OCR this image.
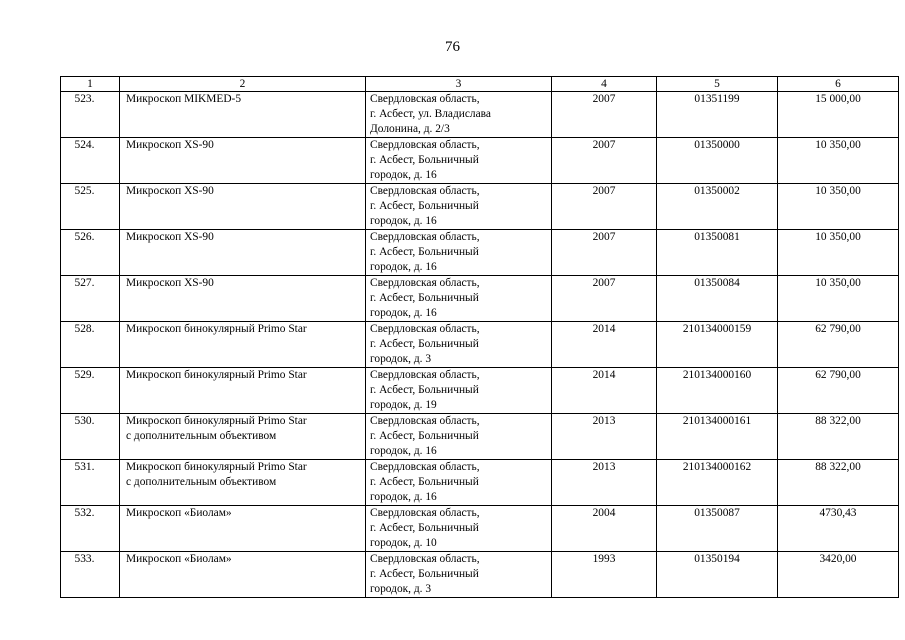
76
1	2	3	4	5	6
523.	Микроскоп MIKMED-5	Свердловская область,
г. Асбест, ул. Владислава
Долонина, д. 2/3	2007	01351199	15 000,00
524.	Микроскоп XS-90	Свердловская область,
г. Асбест, Больничный
городок, д. 16	2007	01350000	10 350,00
525.	Микроскоп XS-90	Свердловская область,
г. Асбест, Больничный
городок, д. 16	2007	01350002	10 350,00
526.	Микроскоп XS-90	Свердловская область,
г. Асбест, Больничный
городок, д. 16	2007	01350081	10 350,00
527.	Микроскоп XS-90	Свердловская область,
г. Асбест, Больничный
городок, д. 16	2007	01350084	10 350,00
528.	Микроскоп бинокулярный Primo Star	Свердловская область,
г. Асбест, Больничный
городок, д. 3	2014	210134000159	62 790,00
529.	Микроскоп бинокулярный Primo Star	Свердловская область,
г. Асбест, Больничный
городок, д. 19	2014	210134000160	62 790,00
530.	Микроскоп бинокулярный Primo Star
с дополнительным объективом	Свердловская область,
г. Асбест, Больничный
городок, д. 16	2013	210134000161	88 322,00
531.	Микроскоп бинокулярный Primo Star
с дополнительным объективом	Свердловская область,
г. Асбест, Больничный
городок, д. 16	2013	210134000162	88 322,00
532.	Микроскоп «Биолам»	Свердловская область,
г. Асбест, Больничный
городок, д. 10	2004	01350087	4730,43
533.	Микроскоп «Биолам»	Свердловская область,
г. Асбест, Больничный
городок, д. 3	1993	01350194	3420,00
